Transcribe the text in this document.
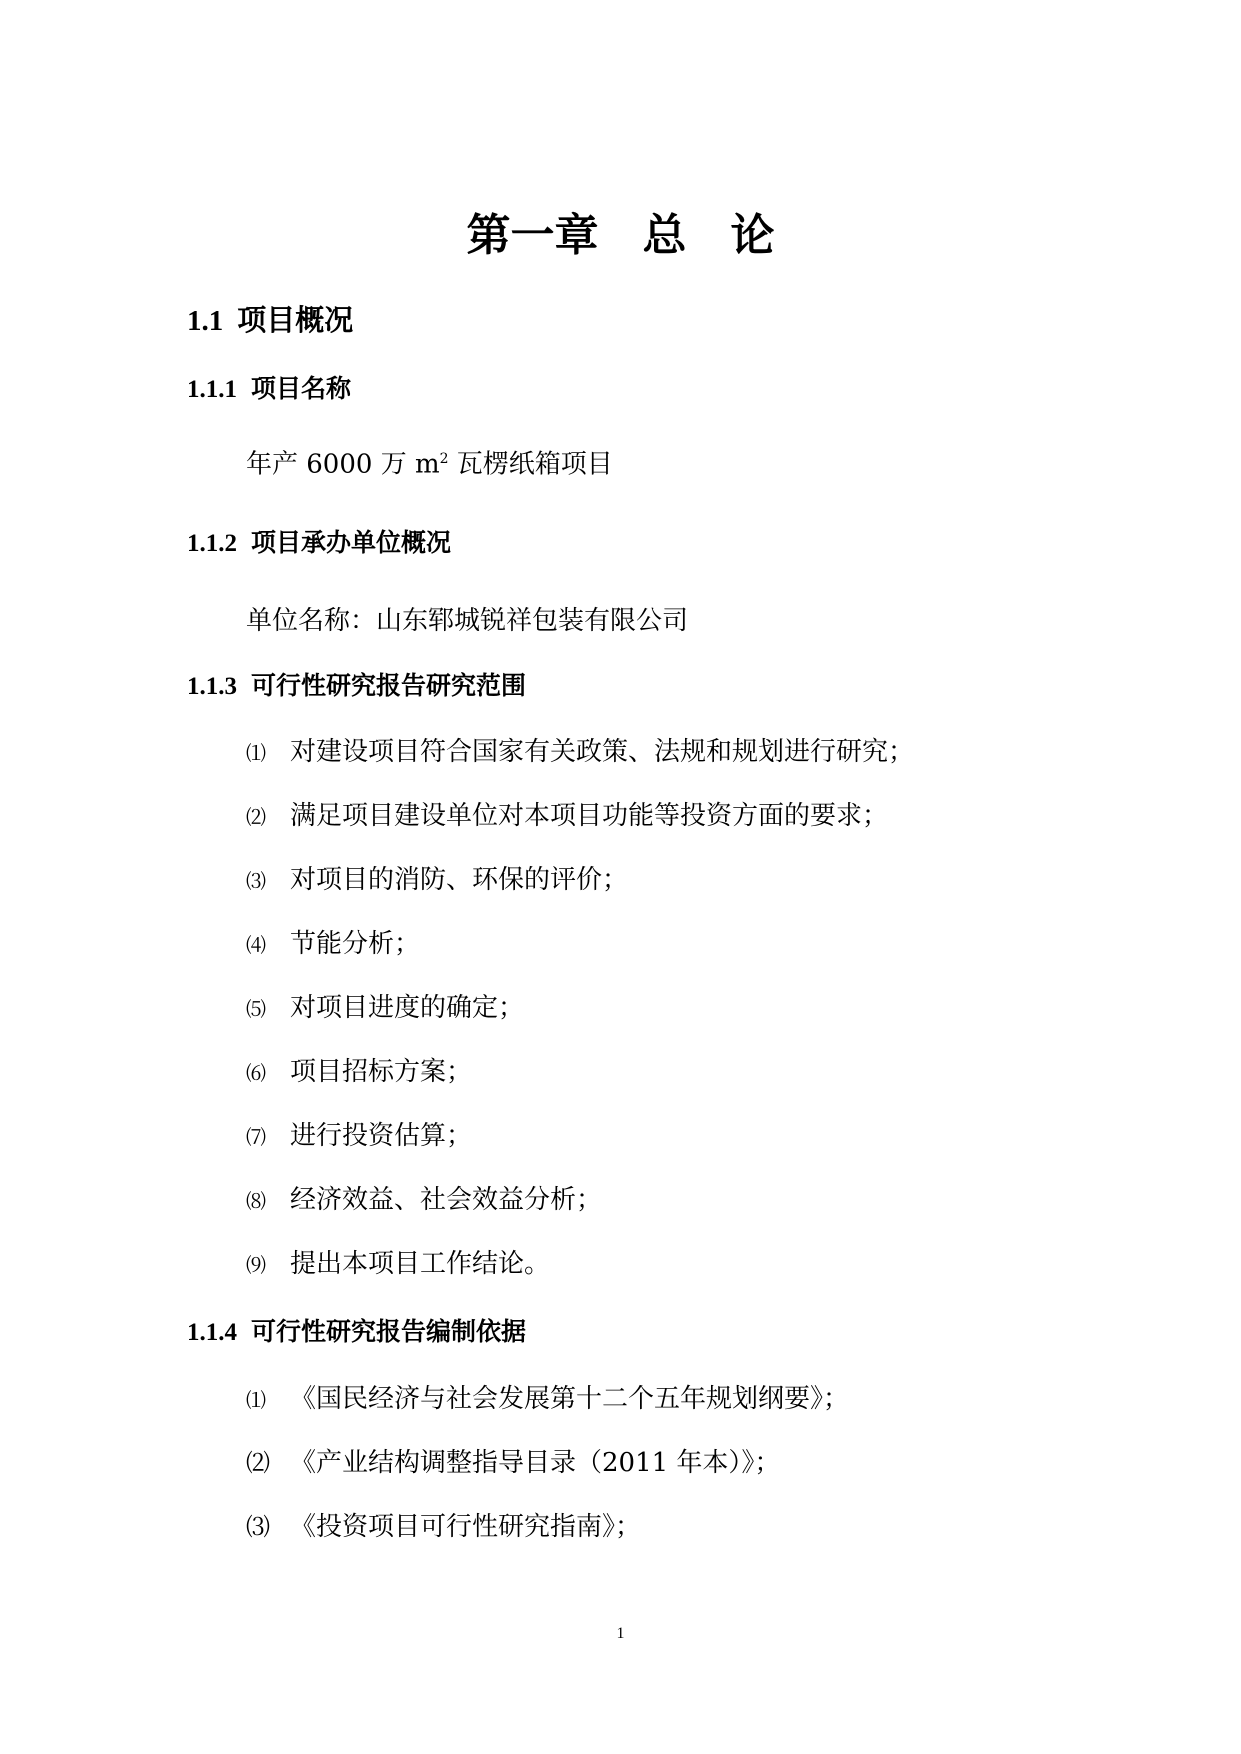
第一章 总 论
1.1 项目概况
1.1.1 项目名称
年产 6000 万 $m^2$ 瓦楞纸箱项目
1.1.2 项目承办单位概况
单位名称：山东郓城锐祥包装有限公司
1.1.3 可行性研究报告研究范围
⑴ 对建设项目符合国家有关政策、法规和规划进行研究；
⑵ 满足项目建设单位对本项目功能等投资方面的要求；
⑶ 对项目的消防、环保的评价；
⑷ 节能分析；
⑸ 对项目进度的确定；
⑹ 项目招标方案；
⑺ 进行投资估算；
⑻ 经济效益、社会效益分析；
⑼ 提出本项目工作结论。
1.1.4 可行性研究报告编制依据
⑴ 《国民经济与社会发展第十二个五年规划纲要》；
⑵ 《产业结构调整指导目录（2011 年本）》；
⑶ 《投资项目可行性研究指南》；
1
